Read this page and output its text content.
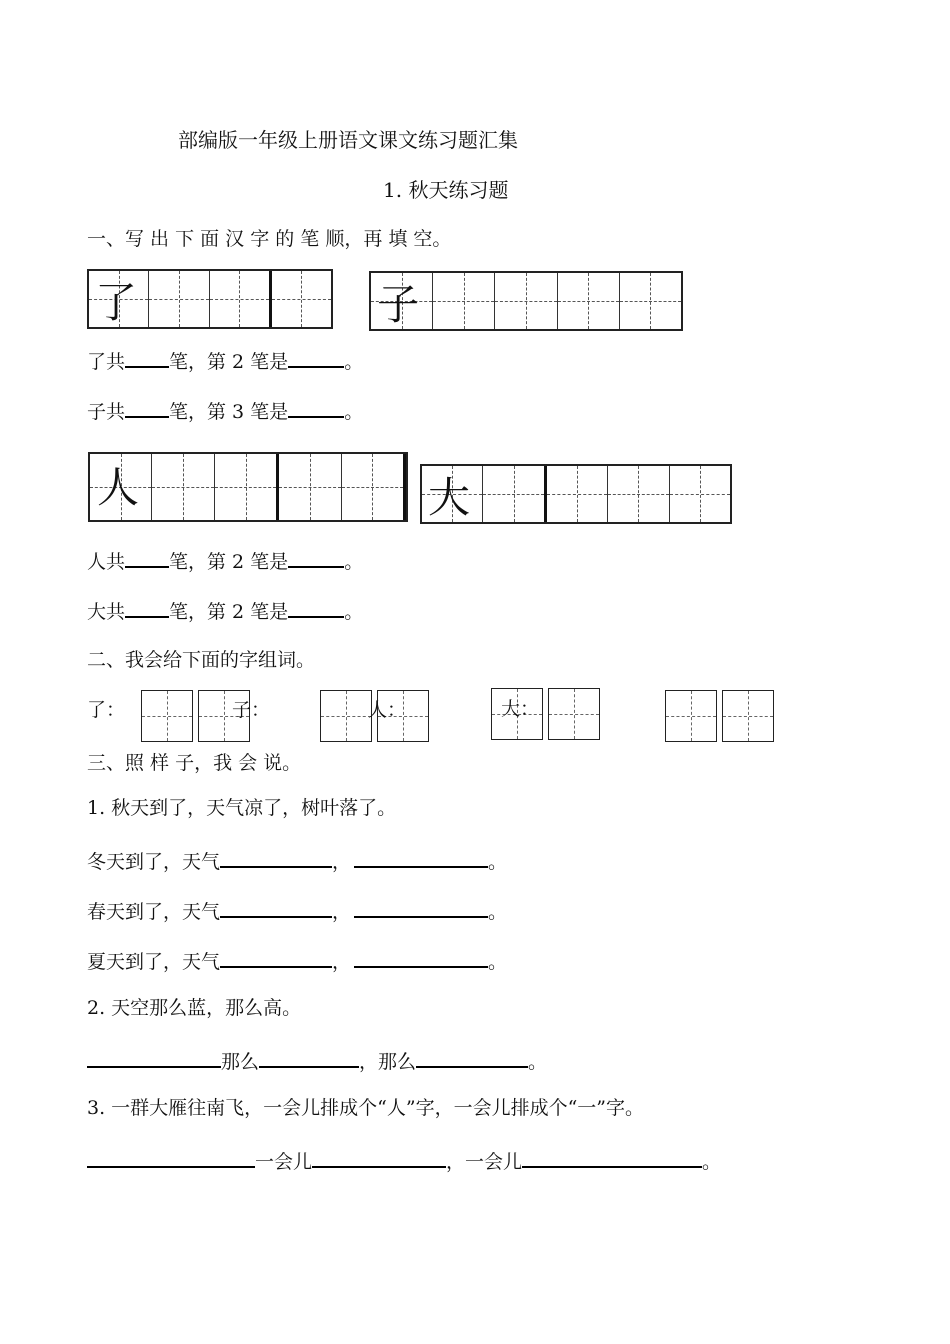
部编版一年级上册语文课文练习题汇集
1. 秋天练习题
一、写 出 下 面 汉 字 的 笔 顺，再 填 空。
了	子
了共 笔，第 2 笔是	。
子共 笔，第 3 笔是	。
人	大
人共 笔，第 2 笔是	。
大共 笔，第 2 笔是	。
二、我会给下面的字组词。
了：	子：	人：	大：
三、照 样 子，我 会 说。
1. 秋天到了，天气凉了，树叶落了。
冬天到了，天气	，	。
春天到了，天气	，	。
夏天到了，天气	，	。
2. 天空那么蓝，那么高。
那么	，那么	。
3. 一群大雁往南飞，一会儿排成个“人”字，一会儿排成个“一”字。
一会儿	，一会儿	。
